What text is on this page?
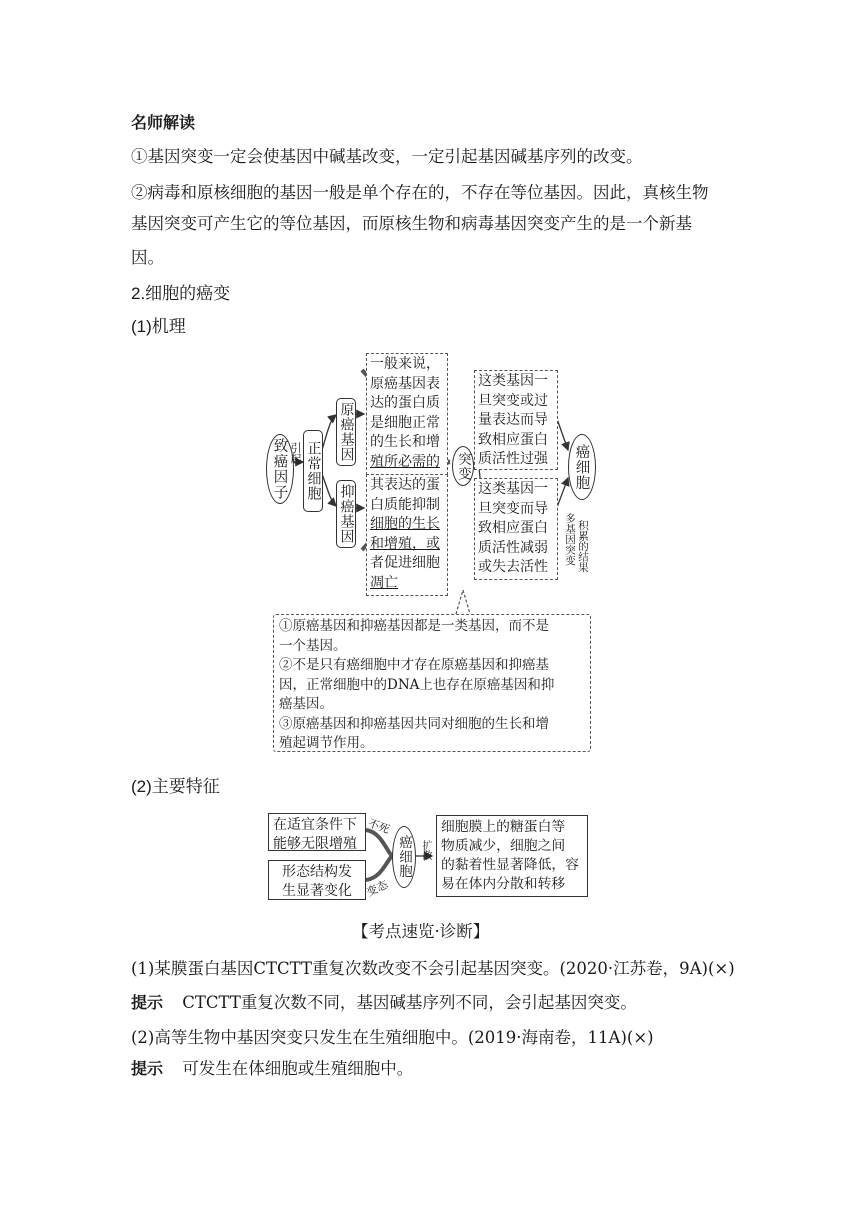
名师解读
①基因突变一定会使基因中碱基改变，一定引起基因碱基序列的改变。
②病毒和原核细胞的基因一般是单个存在的，不存在等位基因。因此，真核生物
基因突变可产生它的等位基因，而原核生物和病毒基因突变产生的是一个新基
因。
2.细胞的癌变
(1)机理
致癌因子 引起 正常细胞
原癌基因
抑癌基因
一般来说，
原癌基因表
达的蛋白质
是细胞正常
的生长和增
殖所必需的
其表达的蛋
白质能抑制
细胞的生长
和增殖，或
者促进细胞
凋亡
突变
这类基因一
旦突变或过
量表达而导
致相应蛋白
质活性过强
这类基因一
旦突变而导
致相应蛋白
质活性减弱
或失去活性
癌细胞
多基因突变 积累的结果
①原癌基因和抑癌基因都是一类基因，而不是
一个基因。
②不是只有癌细胞中才存在原癌基因和抑癌基
因，正常细胞中的DNA上也存在原癌基因和抑
癌基因。
③原癌基因和抑癌基因共同对细胞的生长和增
殖起调节作用。
(2)主要特征
在适宜条件下
能够无限增殖
形态结构发
生显著变化
不死
变态
癌细胞 扩散
细胞膜上的糖蛋白等
物质减少，细胞之间
的黏着性显著降低，容
易在体内分散和转移
【考点速览·诊断】
(1)某膜蛋白基因CTCTT重复次数改变不会引起基因突变。(2020·江苏卷，9A)(×)
提示 CTCTT重复次数不同，基因碱基序列不同，会引起基因突变。
(2)高等生物中基因突变只发生在生殖细胞中。(2019·海南卷，11A)(×)
提示 可发生在体细胞或生殖细胞中。
